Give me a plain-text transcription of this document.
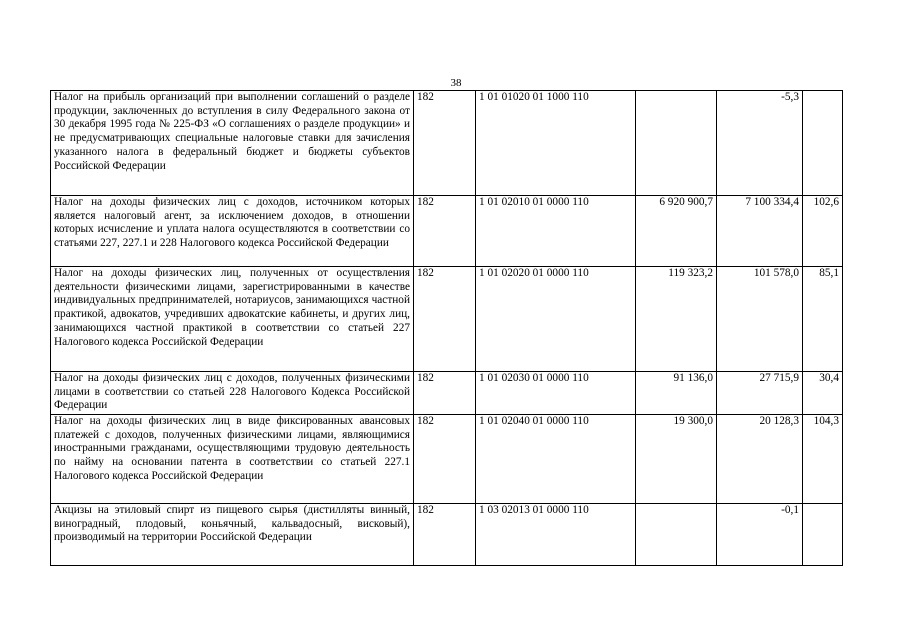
38
Налог на прибыль организаций при выполнении соглашений о разделе продукции, заключенных до вступления в силу Федерального закона от 30 декабря 1995 года № 225-ФЗ «О соглашениях о разделе продукции» и не предусматривающих специальные налоговые ставки для зачисления указанного налога в федеральный бюджет и бюджеты субъектов Российской Федерации	182	1 01 01020 01 1000 110		-5,3	
Налог на доходы физических лиц с доходов, источником которых является налоговый агент, за исключением доходов, в отношении которых исчисление и уплата налога осуществляются в соответствии со статьями 227, 227.1 и 228 Налогового кодекса Российской Федерации	182	1 01 02010 01 0000 110	6 920 900,7	7 100 334,4	102,6
Налог на доходы физических лиц, полученных от осуществления деятельности физическими лицами, зарегистрированными в качестве индивидуальных предпринимателей, нотариусов, занимающихся частной практикой, адвокатов, учредивших адвокатские кабинеты, и других лиц, занимающихся частной практикой в соответствии со статьей 227 Налогового кодекса Российской Федерации	182	1 01 02020 01 0000 110	119 323,2	101 578,0	85,1
Налог на доходы физических лиц с доходов, полученных физическими лицами в соответствии со статьей 228 Налогового Кодекса Российской Федерации	182	1 01 02030 01 0000 110	91 136,0	27 715,9	30,4
Налог на доходы физических лиц в виде фиксированных авансовых платежей с доходов, полученных физическими лицами, являющимися иностранными гражданами, осуществляющими трудовую деятельность по найму на основании патента в соответствии со статьей 227.1 Налогового кодекса Российской Федерации	182	1 01 02040 01 0000 110	19 300,0	20 128,3	104,3
Акцизы на этиловый спирт из пищевого сырья (дистилляты винный, виноградный, плодовый, коньячный, кальвадосный, висковый), производимый на территории Российской Федерации	182	1 03 02013 01 0000 110		-0,1	
